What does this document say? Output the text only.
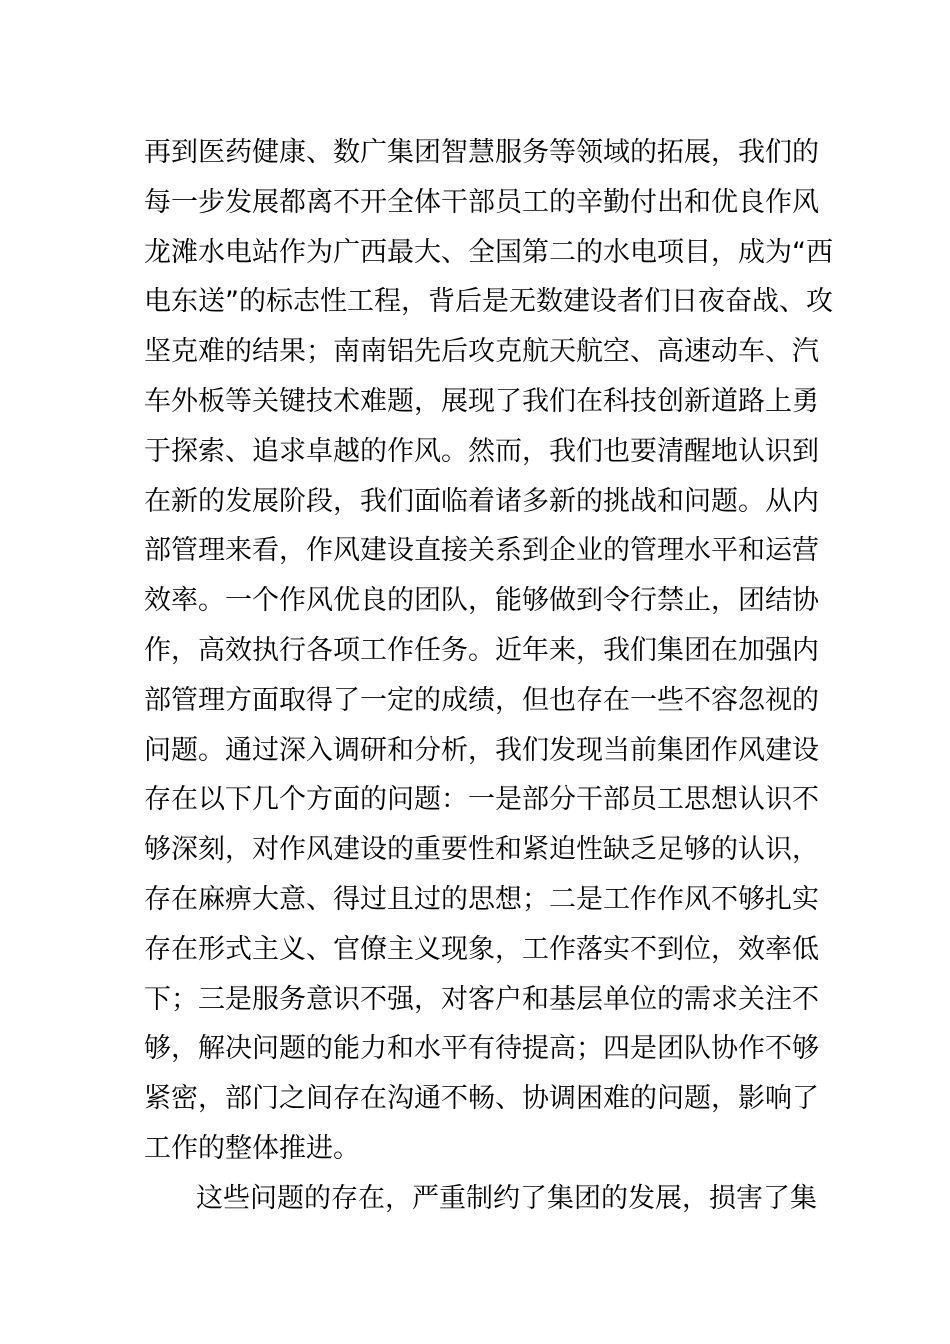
再到医药健康、数广集团智慧服务等领域的拓展，我们的
每一步发展都离不开全体干部员工的辛勤付出和优良作风
龙滩水电站作为广西最大、全国第二的水电项目，成为“西
电东送”的标志性工程，背后是无数建设者们日夜奋战、攻
坚克难的结果；南南铝先后攻克航天航空、高速动车、汽
车外板等关键技术难题，展现了我们在科技创新道路上勇
于探索、追求卓越的作风。然而，我们也要清醒地认识到
在新的发展阶段，我们面临着诸多新的挑战和问题。从内
部管理来看，作风建设直接关系到企业的管理水平和运营
效率。一个作风优良的团队，能够做到令行禁止，团结协
作，高效执行各项工作任务。近年来，我们集团在加强内
部管理方面取得了一定的成绩，但也存在一些不容忽视的
问题。通过深入调研和分析，我们发现当前集团作风建设
存在以下几个方面的问题：一是部分干部员工思想认识不
够深刻，对作风建设的重要性和紧迫性缺乏足够的认识，
存在麻痹大意、得过且过的思想；二是工作作风不够扎实
存在形式主义、官僚主义现象，工作落实不到位，效率低
下；三是服务意识不强，对客户和基层单位的需求关注不
够，解决问题的能力和水平有待提高；四是团队协作不够
紧密，部门之间存在沟通不畅、协调困难的问题，影响了
工作的整体推进。
这些问题的存在，严重制约了集团的发展，损害了集
